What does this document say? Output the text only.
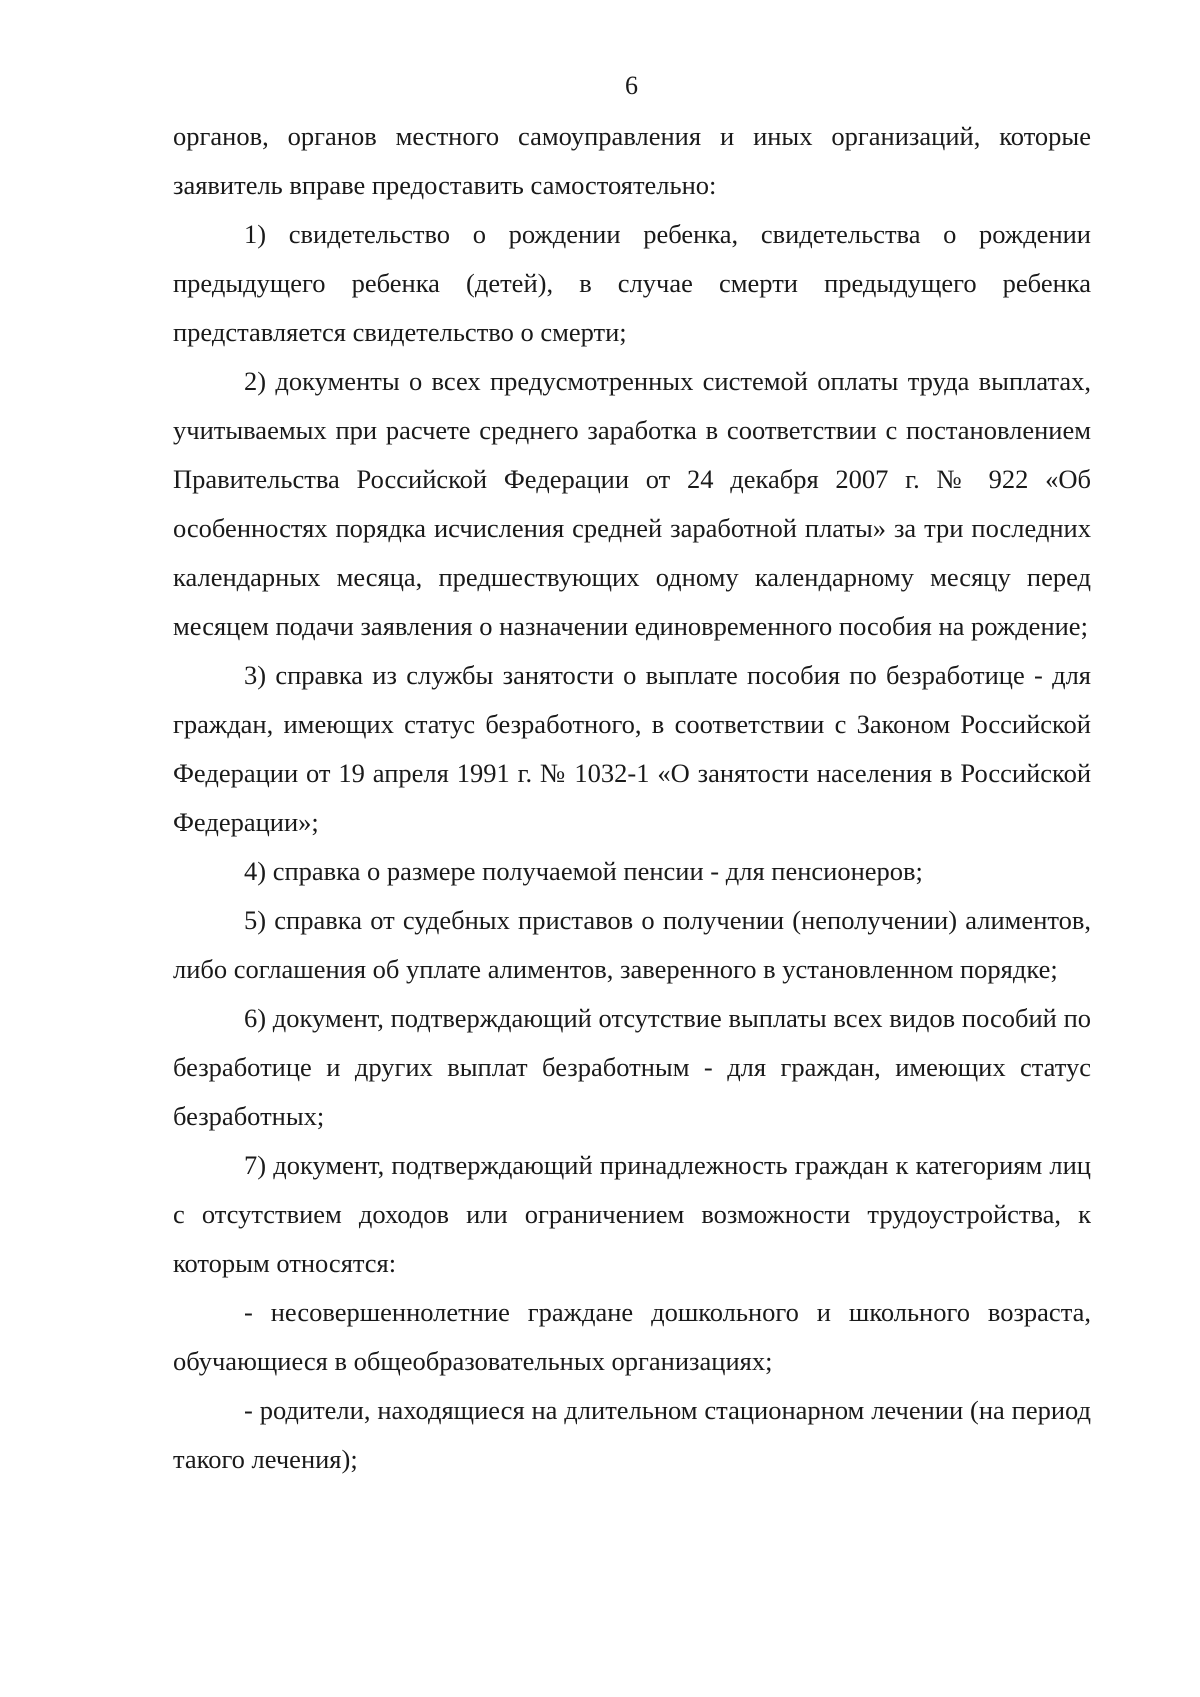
6

органов, органов местного самоуправления и иных организаций, которые заявитель вправе предоставить самостоятельно:

1) свидетельство о рождении ребенка, свидетельства о рождении предыдущего ребенка (детей), в случае смерти предыдущего ребенка представляется свидетельство о смерти;

2) документы о всех предусмотренных системой оплаты труда выплатах, учитываемых при расчете среднего заработка в соответствии с постановлением Правительства Российской Федерации от 24 декабря 2007 г. № 922 «Об особенностях порядка исчисления средней заработной платы» за три последних календарных месяца, предшествующих одному календарному месяцу перед месяцем подачи заявления о назначении единовременного пособия на рождение;

3) справка из службы занятости о выплате пособия по безработице - для граждан, имеющих статус безработного, в соответствии с Законом Российской Федерации от 19 апреля 1991 г. № 1032-1 «О занятости населения в Российской Федерации»;

4) справка о размере получаемой пенсии - для пенсионеров;

5) справка от судебных приставов о получении (неполучении) алиментов, либо соглашения об уплате алиментов, заверенного в установленном порядке;

6) документ, подтверждающий отсутствие выплаты всех видов пособий по безработице и других выплат безработным - для граждан, имеющих статус безработных;

7) документ, подтверждающий принадлежность граждан к категориям лиц с отсутствием доходов или ограничением возможности трудоустройства, к которым относятся:

- несовершеннолетние граждане дошкольного и школьного возраста, обучающиеся в общеобразовательных организациях;

- родители, находящиеся на длительном стационарном лечении (на период такого лечения);
